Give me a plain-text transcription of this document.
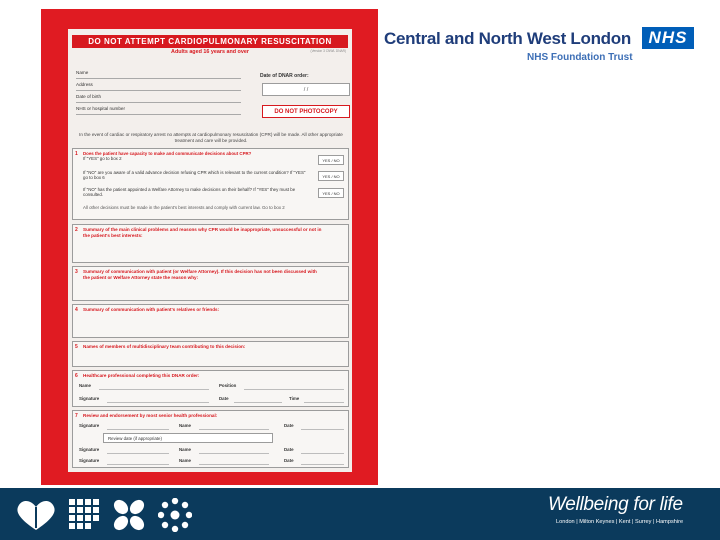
DO NOT ATTEMPT CARDIOPULMONARY RESUSCITATION
Adults aged 16 years and over	(Version 3 CNWL DNAR)
Name
Address
Date of birth
NHS or hospital number
Date of DNAR order:
/ /
DO NOT PHOTOCOPY
In the event of cardiac or respiratory arrest no attempts at cardiopulmonary resuscitation (CPR) will be made. All other appropriate treatment and care will be provided.
1 Does the patient have capacity to make and communicate decisions about CPR?
If "YES" go to box 2	YES / NO
If "NO" are you aware of a valid advance decision refusing CPR which is relevant to the current condition? If "YES" go to box 6	YES / NO
If "NO" has the patient appointed a Welfare Attorney to make decisions on their behalf? If "YES" they must be consulted.	YES / NO
All other decisions must be made in the patient's best interests and comply with current law. Go to box 2
2 Summary of the main clinical problems and reasons why CPR would be inappropriate, unsuccessful or not in the patient's best interests:
3 Summary of communication with patient (or Welfare Attorney). If this decision has not been discussed with the patient or Welfare Attorney state the reason why:
4 Summary of communication with patient's relatives or friends:
5 Names of members of multidisciplinary team contributing to this decision:
6 Healthcare professional completing this DNAR order:
Name	Position
Signature	Date	Time
7 Review and endorsement by most senior health professional:
Signature	Name	Date
Review date (if appropriate)
Signature	Name	Date
Signature	Name	Date
Central and North West London	NHS
NHS Foundation Trust
Wellbeing for life
London | Milton Keynes | Kent | Surrey | Hampshire
